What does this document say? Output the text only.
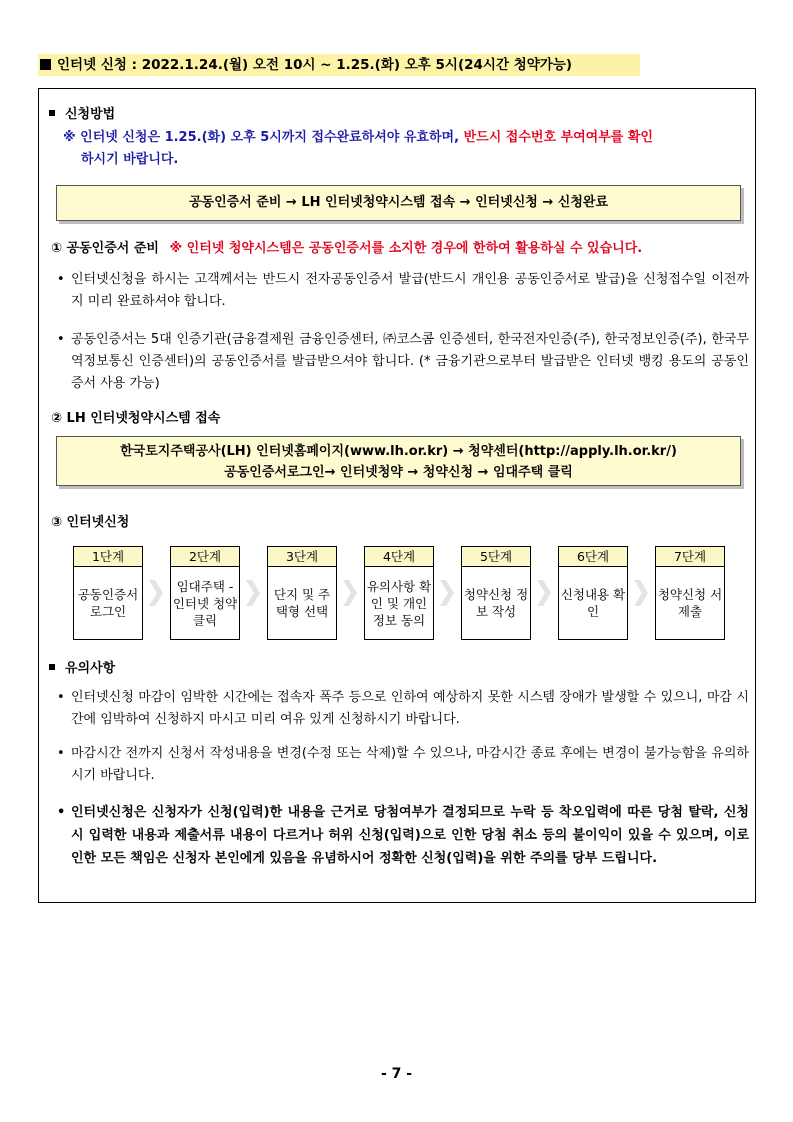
인터넷 신청 : 2022.1.24.(월) 오전 10시 ~ 1.25.(화) 오후 5시(24시간 청약가능)
신청방법
※ 인터넷 신청은 1.25.(화) 오후 5시까지 접수완료하셔야 유효하며, 반드시 접수번호 부여여부를 확인
하시기 바랍니다.
공동인증서 준비 → LH 인터넷청약시스템 접속 → 인터넷신청 → 신청완료
① 공동인증서 준비 ※ 인터넷 청약시스템은 공동인증서를 소지한 경우에 한하여 활용하실 수 있습니다.
• 인터넷신청을 하시는 고객께서는 반드시 전자공동인증서 발급(반드시 개인용 공동인증서로 발급)을 신청접수일 이전까지 미리 완료하셔야 합니다.
• 공동인증서는 5대 인증기관(금융결제원 금융인증센터, ㈜코스콤 인증센터, 한국전자인증(주), 한국정보인증(주), 한국무역정보통신 인증센터)의 공동인증서를 발급받으셔야 합니다. (* 금융기관으로부터 발급받은 인터넷 뱅킹 용도의 공동인증서 사용 가능)
② LH 인터넷청약시스템 접속
한국토지주택공사(LH) 인터넷홈페이지(www.lh.or.kr) → 청약센터(http://apply.lh.or.kr/)
공동인증서로그인→ 인터넷청약 → 청약신청 → 임대주택 클릭
③ 인터넷신청
1단계
공동인증서 로그인
2단계
임대주택 -인터넷 청약 클릭
3단계
단지 및 주택형 선택
4단계
유의사항 확인 및 개인정보 동의
5단계
청약신청 정보 작성
6단계
신청내용 확인
7단계
청약신청 서제출
유의사항
• 인터넷신청 마감이 임박한 시간에는 접속자 폭주 등으로 인하여 예상하지 못한 시스템 장애가 발생할 수 있으니, 마감 시간에 임박하여 신청하지 마시고 미리 여유 있게 신청하시기 바랍니다.
• 마감시간 전까지 신청서 작성내용을 변경(수정 또는 삭제)할 수 있으나, 마감시간 종료 후에는 변경이 불가능함을 유의하시기 바랍니다.
• 인터넷신청은 신청자가 신청(입력)한 내용을 근거로 당첨여부가 결정되므로 누락 등 착오입력에 따른 당첨 탈락, 신청 시 입력한 내용과 제출서류 내용이 다르거나 허위 신청(입력)으로 인한 당첨 취소 등의 불이익이 있을 수 있으며, 이로 인한 모든 책임은 신청자 본인에게 있음을 유념하시어 정확한 신청(입력)을 위한 주의를 당부 드립니다.
- 7 -
